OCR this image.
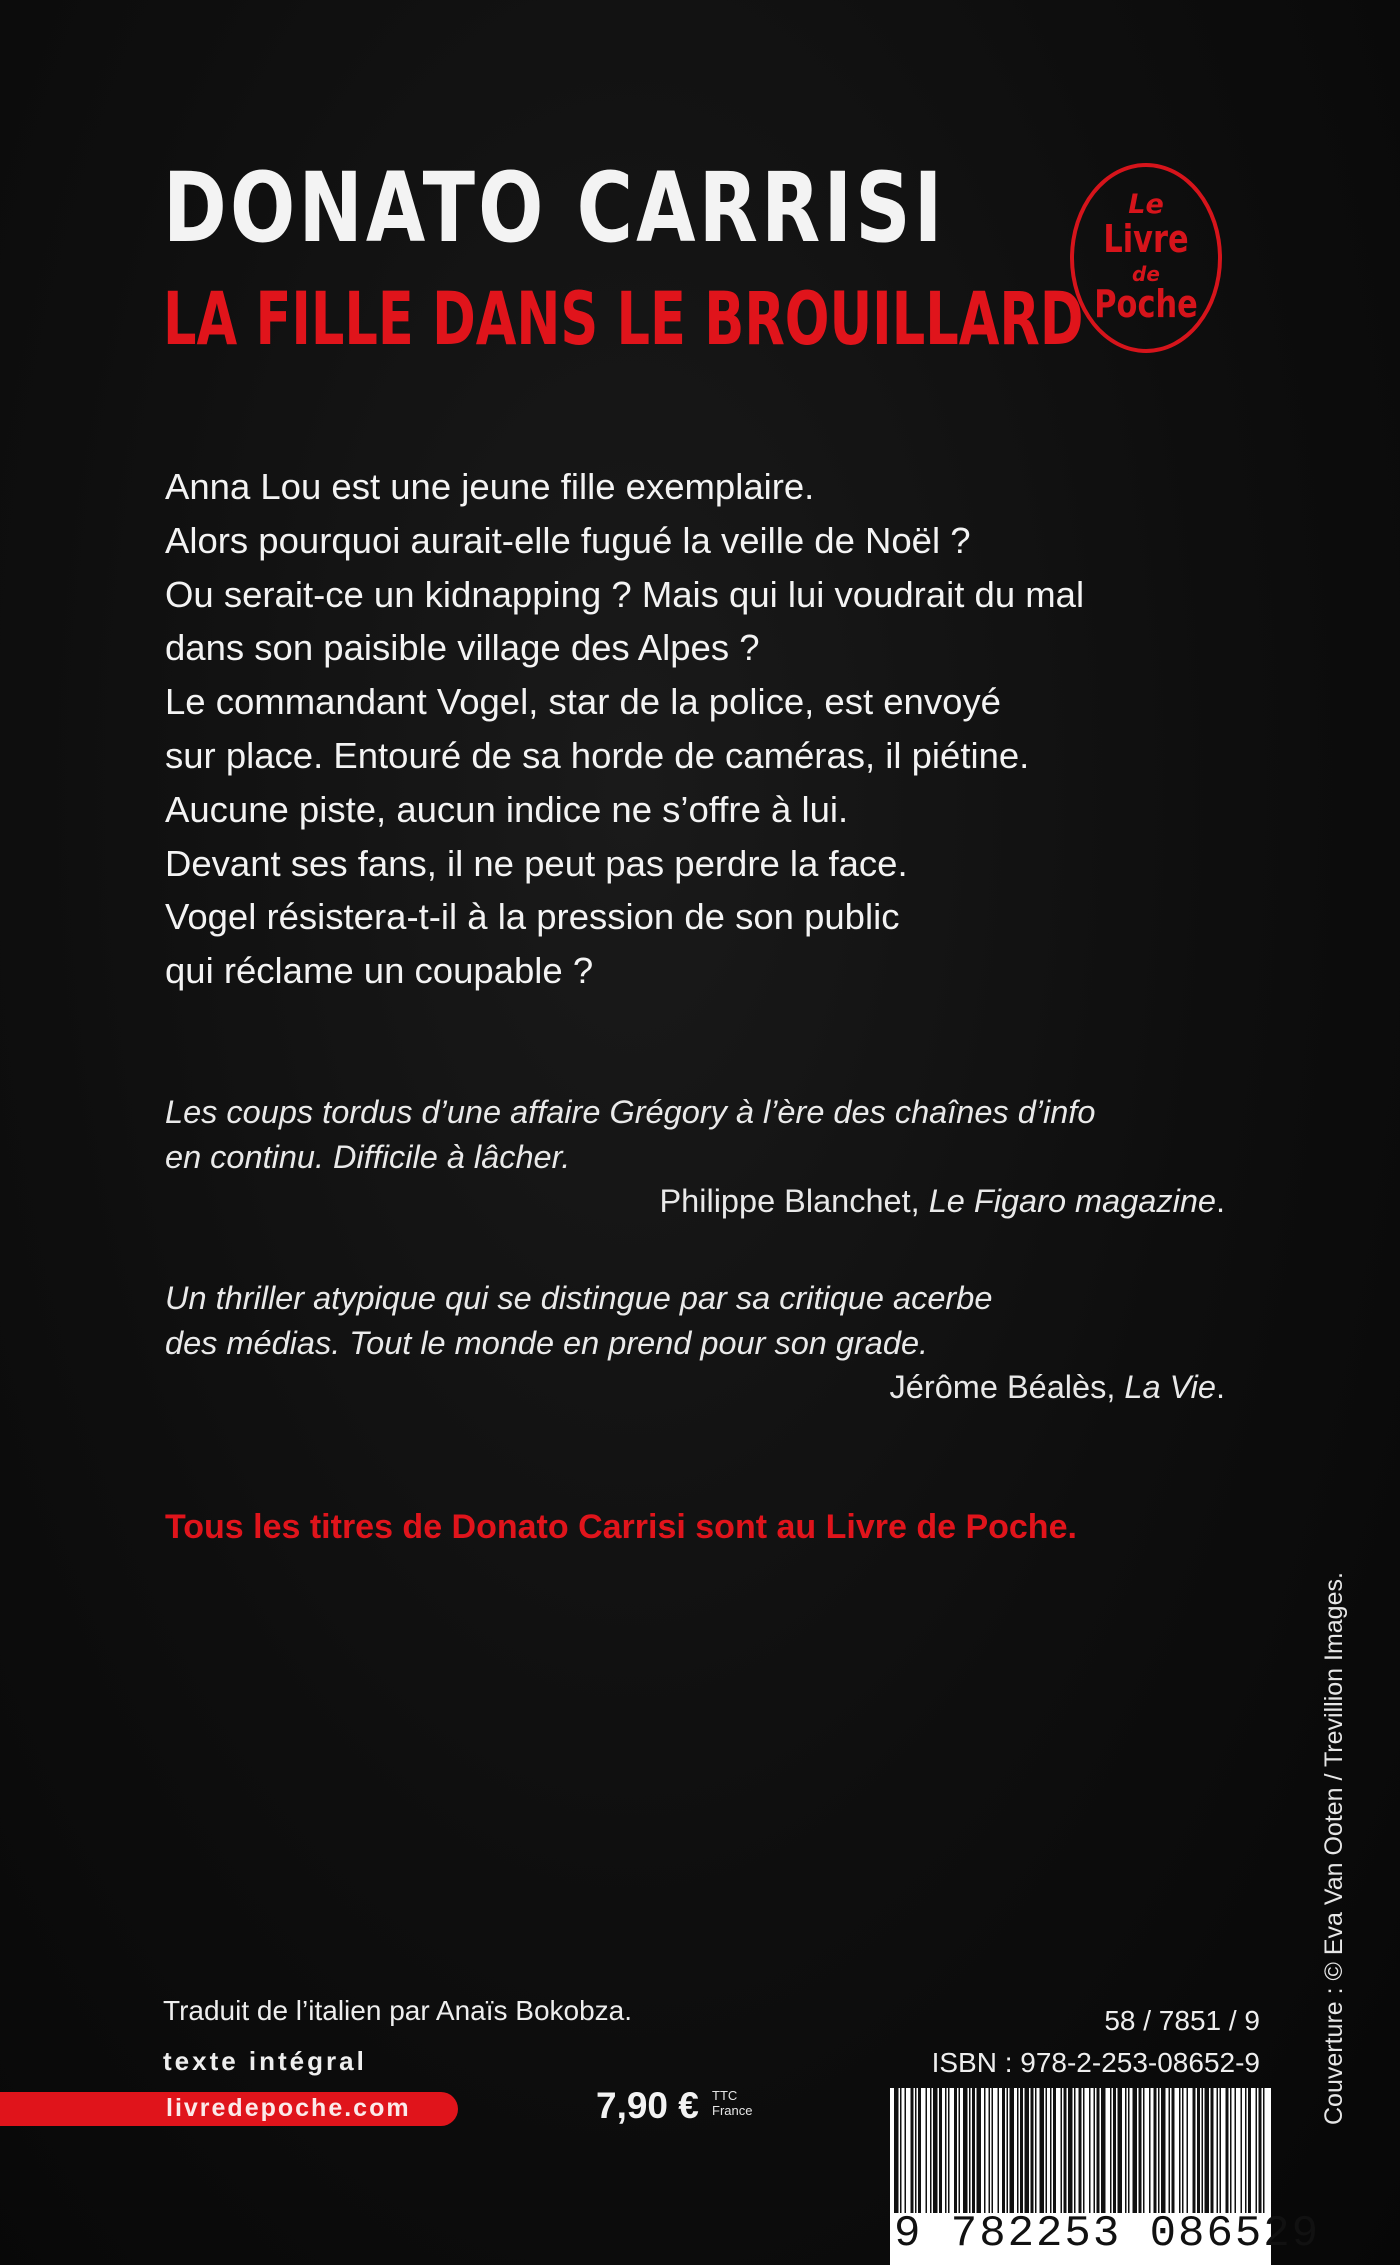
DONATO CARRISI
LA FILLE DANS LE BROUILLARD
Le
Livre
de
Poche
Anna Lou est une jeune fille exemplaire.
Alors pourquoi aurait-elle fugué la veille de Noël ?
Ou serait-ce un kidnapping ? Mais qui lui voudrait du mal
dans son paisible village des Alpes ?
Le commandant Vogel, star de la police, est envoyé
sur place. Entouré de sa horde de caméras, il piétine.
Aucune piste, aucun indice ne s’offre à lui.
Devant ses fans, il ne peut pas perdre la face.
Vogel résistera-t-il à la pression de son public
qui réclame un coupable ?
Les coups tordus d’une affaire Grégory à l’ère des chaînes d’info
en continu. Difficile à lâcher.
Philippe Blanchet, Le Figaro magazine.
Un thriller atypique qui se distingue par sa critique acerbe
des médias. Tout le monde en prend pour son grade.
Jérôme Béalès, La Vie.
Tous les titres de Donato Carrisi sont au Livre de Poche.
Couverture : © Eva Van Ooten / Trevillion Images.
Traduit de l’italien par Anaïs Bokobza.
texte intégral
livredepoche.com	7,90 € TTC
France
58 / 7851 / 9
ISBN : 978-2-253-08652-9
9 782253 086529
